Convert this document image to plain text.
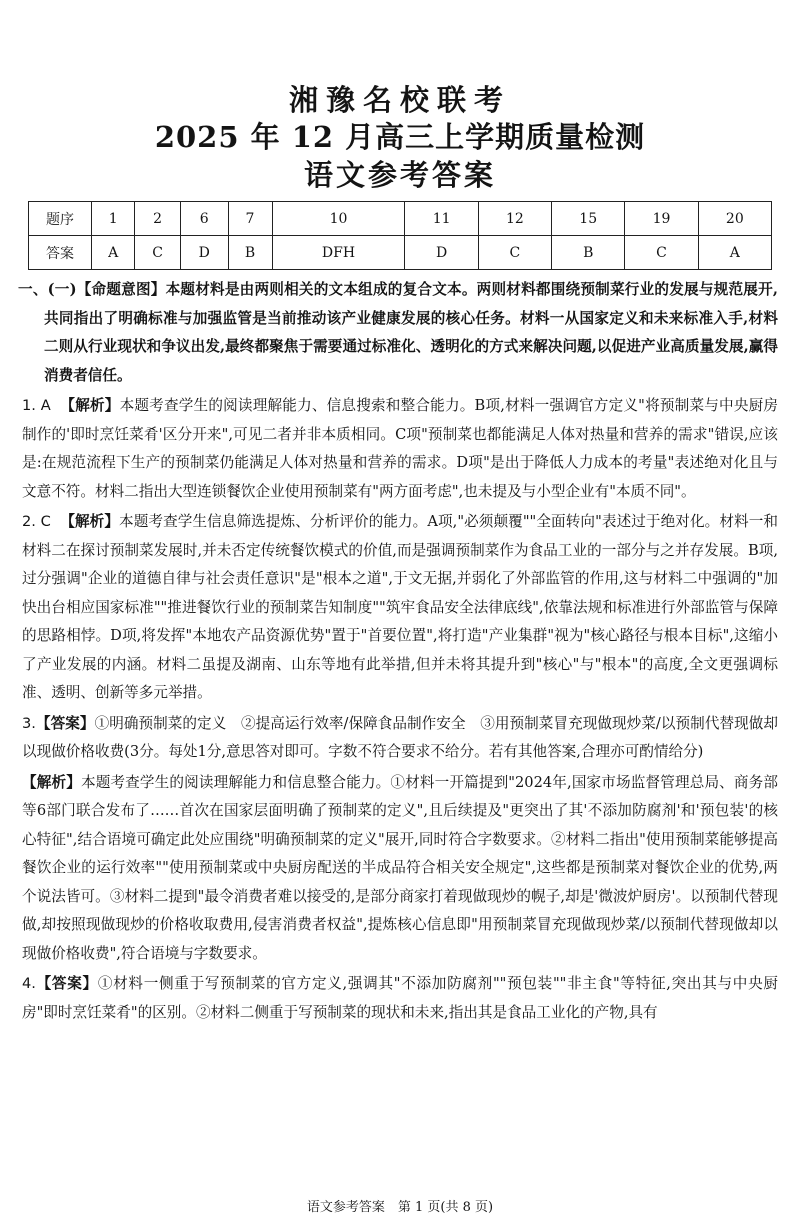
湘豫名校联考
2025 年 12 月高三上学期质量检测
语文参考答案
题序	1	2	6	7	10	11	12	15	19	20
答案	A	C	D	B	DFH	D	C	B	C	A

一、(一)【命题意图】本题材料是由两则相关的文本组成的复合文本。两则材料都围绕预制菜行业的发展与规范展开,共同指出了明确标准与加强监管是当前推动该产业健康发展的核心任务。材料一从国家定义和未来标准入手,材料二则从行业现状和争议出发,最终都聚焦于需要通过标准化、透明化的方式来解决问题,以促进产业高质量发展,赢得消费者信任。

1. A 【解析】本题考查学生的阅读理解能力、信息搜索和整合能力。B项,材料一强调官方定义"将预制菜与中央厨房制作的'即时烹饪菜肴'区分开来",可见二者并非本质相同。C项"预制菜也都能满足人体对热量和营养的需求"错误,应该是:在规范流程下生产的预制菜仍能满足人体对热量和营养的需求。D项"是出于降低人力成本的考量"表述绝对化且与文意不符。材料二指出大型连锁餐饮企业使用预制菜有"两方面考虑",也未提及与小型企业有"本质不同"。

2. C 【解析】本题考查学生信息筛选提炼、分析评价的能力。A项,"必须颠覆""全面转向"表述过于绝对化。材料一和材料二在探讨预制菜发展时,并未否定传统餐饮模式的价值,而是强调预制菜作为食品工业的一部分与之并存发展。B项,过分强调"企业的道德自律与社会责任意识"是"根本之道",于文无据,并弱化了外部监管的作用,这与材料二中强调的"加快出台相应国家标准""推进餐饮行业的预制菜告知制度""筑牢食品安全法律底线",依靠法规和标准进行外部监管与保障的思路相悖。D项,将发挥"本地农产品资源优势"置于"首要位置",将打造"产业集群"视为"核心路径与根本目标",这缩小了产业发展的内涵。材料二虽提及湖南、山东等地有此举措,但并未将其提升到"核心"与"根本"的高度,全文更强调标准、透明、创新等多元举措。

3.【答案】①明确预制菜的定义　②提高运行效率/保障食品制作安全　③用预制菜冒充现做现炒菜/以预制代替现做却以现做价格收费(3分。每处1分,意思答对即可。字数不符合要求不给分。若有其他答案,合理亦可酌情给分)

【解析】本题考查学生的阅读理解能力和信息整合能力。①材料一开篇提到"2024年,国家市场监督管理总局、商务部等6部门联合发布了……首次在国家层面明确了预制菜的定义",且后续提及"更突出了其'不添加防腐剂'和'预包装'的核心特征",结合语境可确定此处应围绕"明确预制菜的定义"展开,同时符合字数要求。②材料二指出"使用预制菜能够提高餐饮企业的运行效率""使用预制菜或中央厨房配送的半成品符合相关安全规定",这些都是预制菜对餐饮企业的优势,两个说法皆可。③材料二提到"最令消费者难以接受的,是部分商家打着现做现炒的幌子,却是'微波炉厨房'。以预制代替现做,却按照现做现炒的价格收取费用,侵害消费者权益",提炼核心信息即"用预制菜冒充现做现炒菜/以预制代替现做却以现做价格收费",符合语境与字数要求。

4.【答案】①材料一侧重于写预制菜的官方定义,强调其"不添加防腐剂""预包装""非主食"等特征,突出其与中央厨房"即时烹饪菜肴"的区别。②材料二侧重于写预制菜的现状和未来,指出其是食品工业化的产物,具有

语文参考答案　第 1 页(共 8 页)
